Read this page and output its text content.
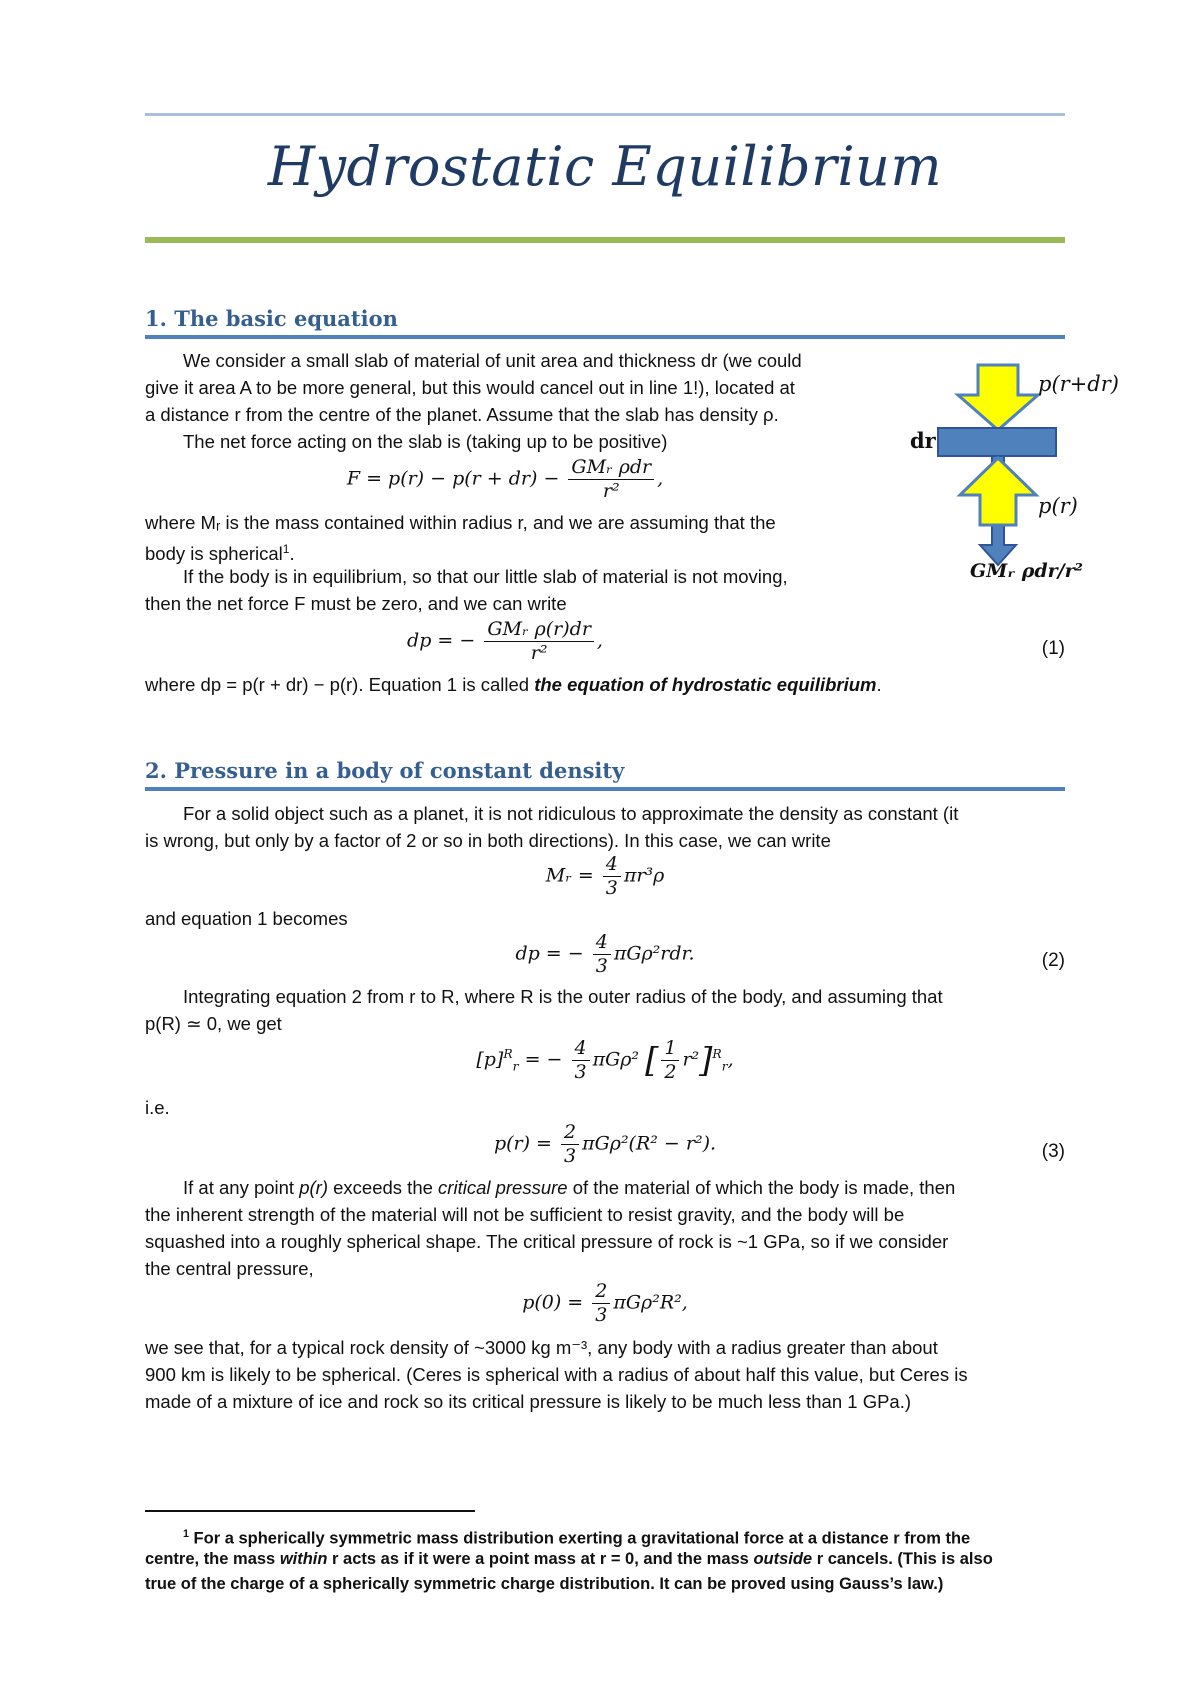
Hydrostatic Equilibrium
1. The basic equation
We consider a small slab of material of unit area and thickness dr (we could
give it area A to be more general, but this would cancel out in line 1!), located at
a distance r from the centre of the planet. Assume that the slab has density ρ.
The net force acting on the slab is (taking up to be positive)
$F = p(r) - p(r + dr) - \frac{\text{GMᵣ ρdr}}{\text{r²}}$ ,
where Mᵣ is the mass contained within radius r, and we are assuming that the
body is spherical$^1$.
If the body is in equilibrium, so that our little slab of material is not moving,
then the net force F must be zero, and we can write
dp = − $\frac{\text{GMᵣ ρ(r)dr}}{\text{r²}}$ ,	(1)
where dp = p(r + dr) − p(r). Equation 1 is called the equation of hydrostatic equilibrium.
p(r+dr)
dr
p(r)
GMᵣ ρdr/r²
2. Pressure in a body of constant density
For a solid object such as a planet, it is not ridiculous to approximate the density as constant (it
is wrong, but only by a factor of 2 or so in both directions). In this case, we can write
Mᵣ = $\frac{4}{3} \pi r^3\rho$
and equation 1 becomes
dp = − $\frac{4}{3} \pi G\rho^2rdr$.	(2)
Integrating equation 2 from r to R, where R is the outer radius of the body, and assuming that
p(R) ≃ 0, we get
$[p]^R_r$ = − $\frac{4}{3} \pi G\rho^2$ [ $\frac{1}{2} r^2]^R_r$,
i.e.
$p(r) = \frac{2}{3} \pi G\rho^2(R^2 - r^2)$.	(3)
If at any point p(r) exceeds the critical pressure of the material of which the body is made, then
the inherent strength of the material will not be sufficient to resist gravity, and the body will be
squashed into a roughly spherical shape. The critical pressure of rock is ~1 GPa, so if we consider
the central pressure,
$p(0) = \frac{2}{3} \pi G\rho^2R^2$,
we see that, for a typical rock density of ~3000 kg m⁻³, any body with a radius greater than about
900 km is likely to be spherical. (Ceres is spherical with a radius of about half this value, but Ceres is
made of a mixture of ice and rock so its critical pressure is likely to be much less than 1 GPa.)
$^1$ For a spherically symmetric mass distribution exerting a gravitational force at a distance r from the
centre, the mass within r acts as if it were a point mass at r = 0, and the mass outside r cancels. (This is also
true of the charge of a spherically symmetric charge distribution. It can be proved using Gauss’s law.)
